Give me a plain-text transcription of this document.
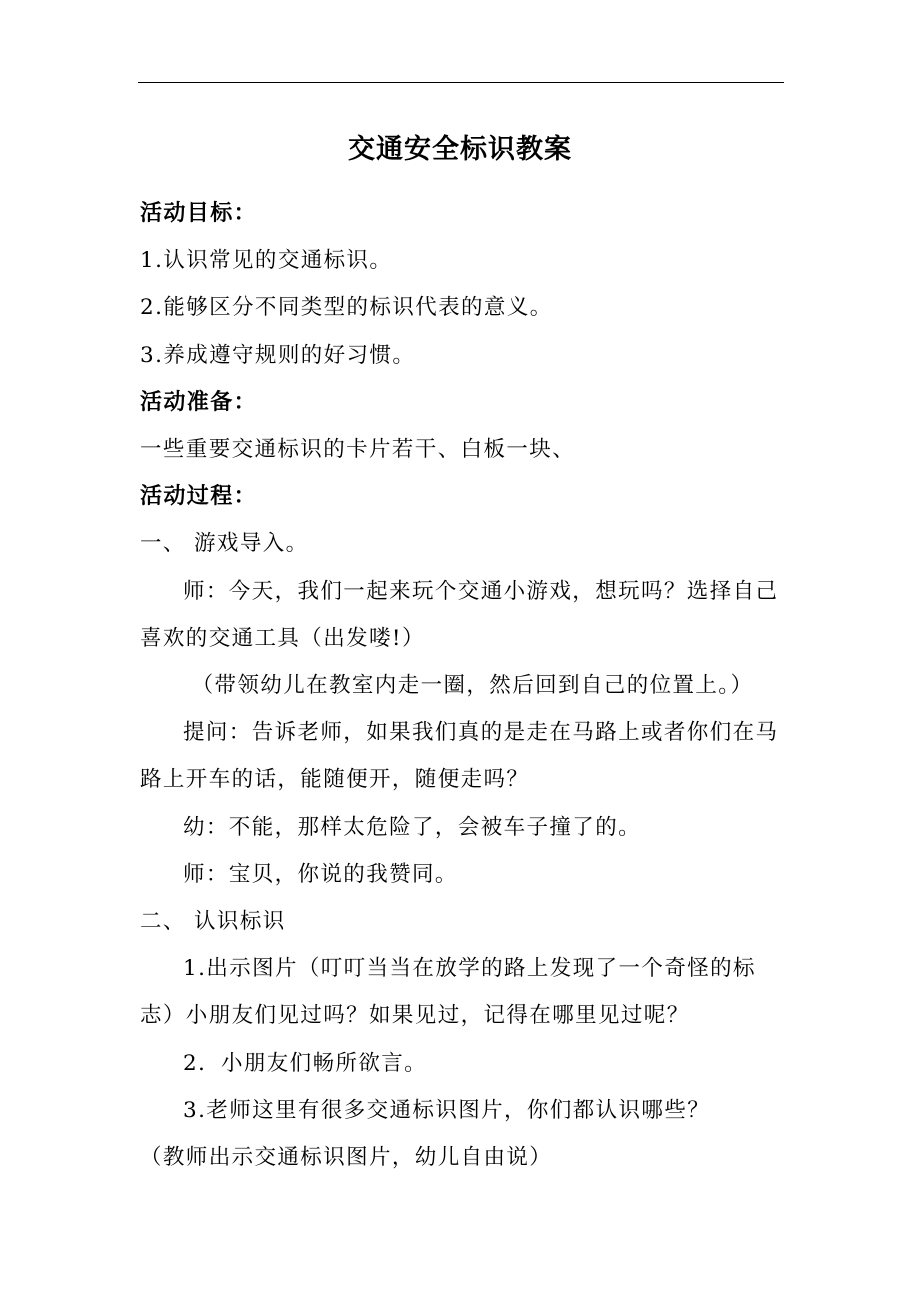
交通安全标识教案

活动目标：

1.认识常见的交通标识。

2.能够区分不同类型的标识代表的意义。

3.养成遵守规则的好习惯。

活动准备：

一些重要交通标识的卡片若干、白板一块、

活动过程：

一、 游戏导入。

师：今天，我们一起来玩个交通小游戏，想玩吗？选择自己喜欢的交通工具（出发喽!）

（带领幼儿在教室内走一圈，然后回到自己的位置上。）

提问：告诉老师，如果我们真的是走在马路上或者你们在马路上开车的话，能随便开，随便走吗？

幼：不能，那样太危险了，会被车子撞了的。

师：宝贝，你说的我赞同。

二、 认识标识

1.出示图片（叮叮当当在放学的路上发现了一个奇怪的标志）小朋友们见过吗？如果见过，记得在哪里见过呢？

2．小朋友们畅所欲言。

3.老师这里有很多交通标识图片，你们都认识哪些？

（教师出示交通标识图片，幼儿自由说）
